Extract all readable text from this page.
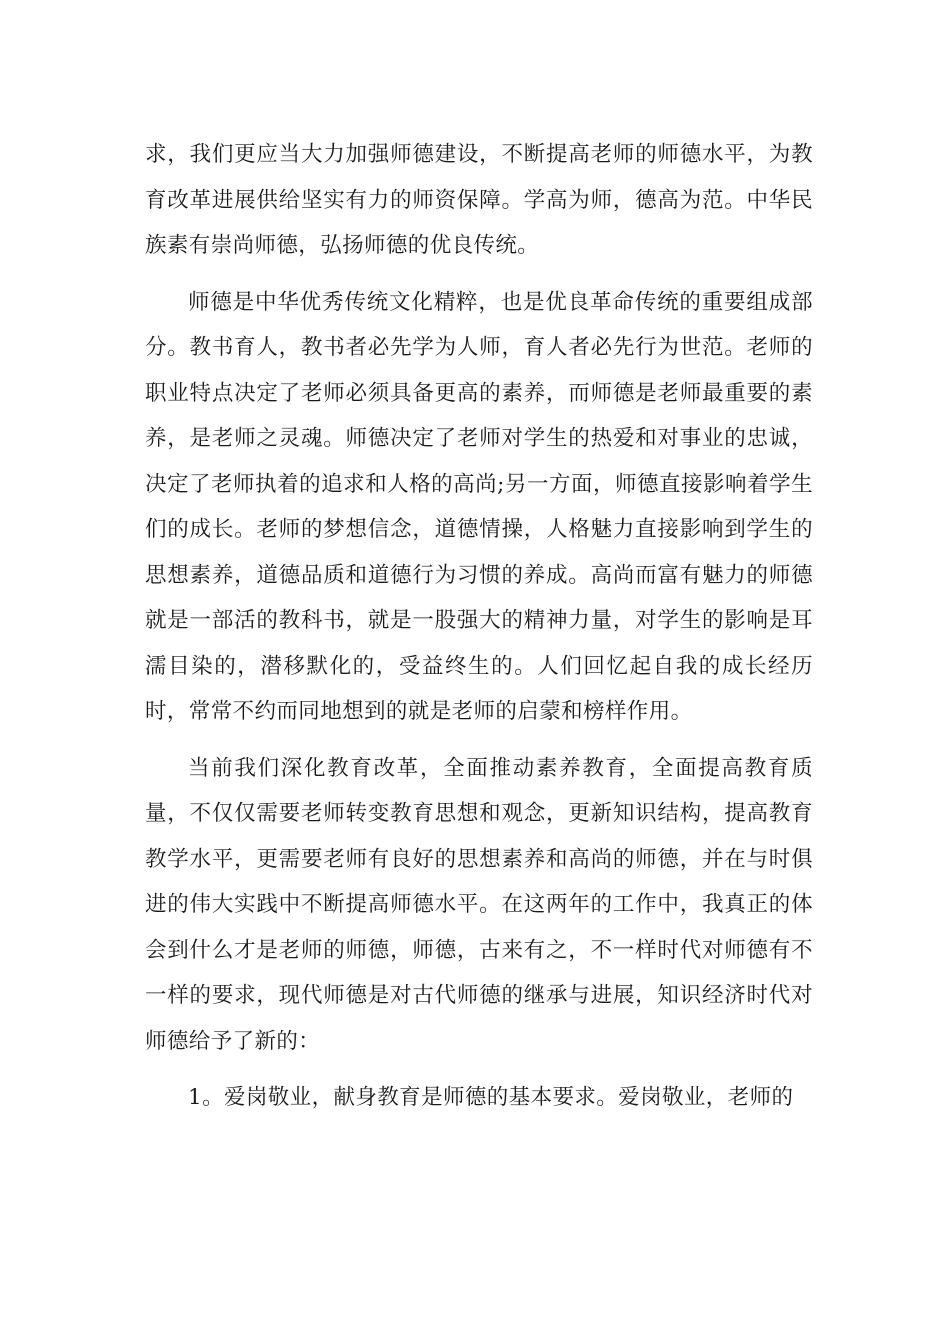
求，我们更应当大力加强师德建设，不断提高老师的师德水平，为教育改革进展供给坚实有力的师资保障。学高为师，德高为范。中华民族素有崇尚师德，弘扬师德的优良传统。

师德是中华优秀传统文化精粹，也是优良革命传统的重要组成部分。教书育人，教书者必先学为人师，育人者必先行为世范。老师的职业特点决定了老师必须具备更高的素养，而师德是老师最重要的素养，是老师之灵魂。师德决定了老师对学生的热爱和对事业的忠诚，决定了老师执着的追求和人格的高尚;另一方面，师德直接影响着学生们的成长。老师的梦想信念，道德情操，人格魅力直接影响到学生的思想素养，道德品质和道德行为习惯的养成。高尚而富有魅力的师德就是一部活的教科书，就是一股强大的精神力量，对学生的影响是耳濡目染的，潜移默化的，受益终生的。人们回忆起自我的成长经历时，常常不约而同地想到的就是老师的启蒙和榜样作用。

当前我们深化教育改革，全面推动素养教育，全面提高教育质量，不仅仅需要老师转变教育思想和观念，更新知识结构，提高教育教学水平，更需要老师有良好的思想素养和高尚的师德，并在与时俱进的伟大实践中不断提高师德水平。在这两年的工作中，我真正的体会到什么才是老师的师德，师德，古来有之，不一样时代对师德有不一样的要求，现代师德是对古代师德的继承与进展，知识经济时代对师德给予了新的：

1。爱岗敬业，献身教育是师德的基本要求。爱岗敬业，老师的
